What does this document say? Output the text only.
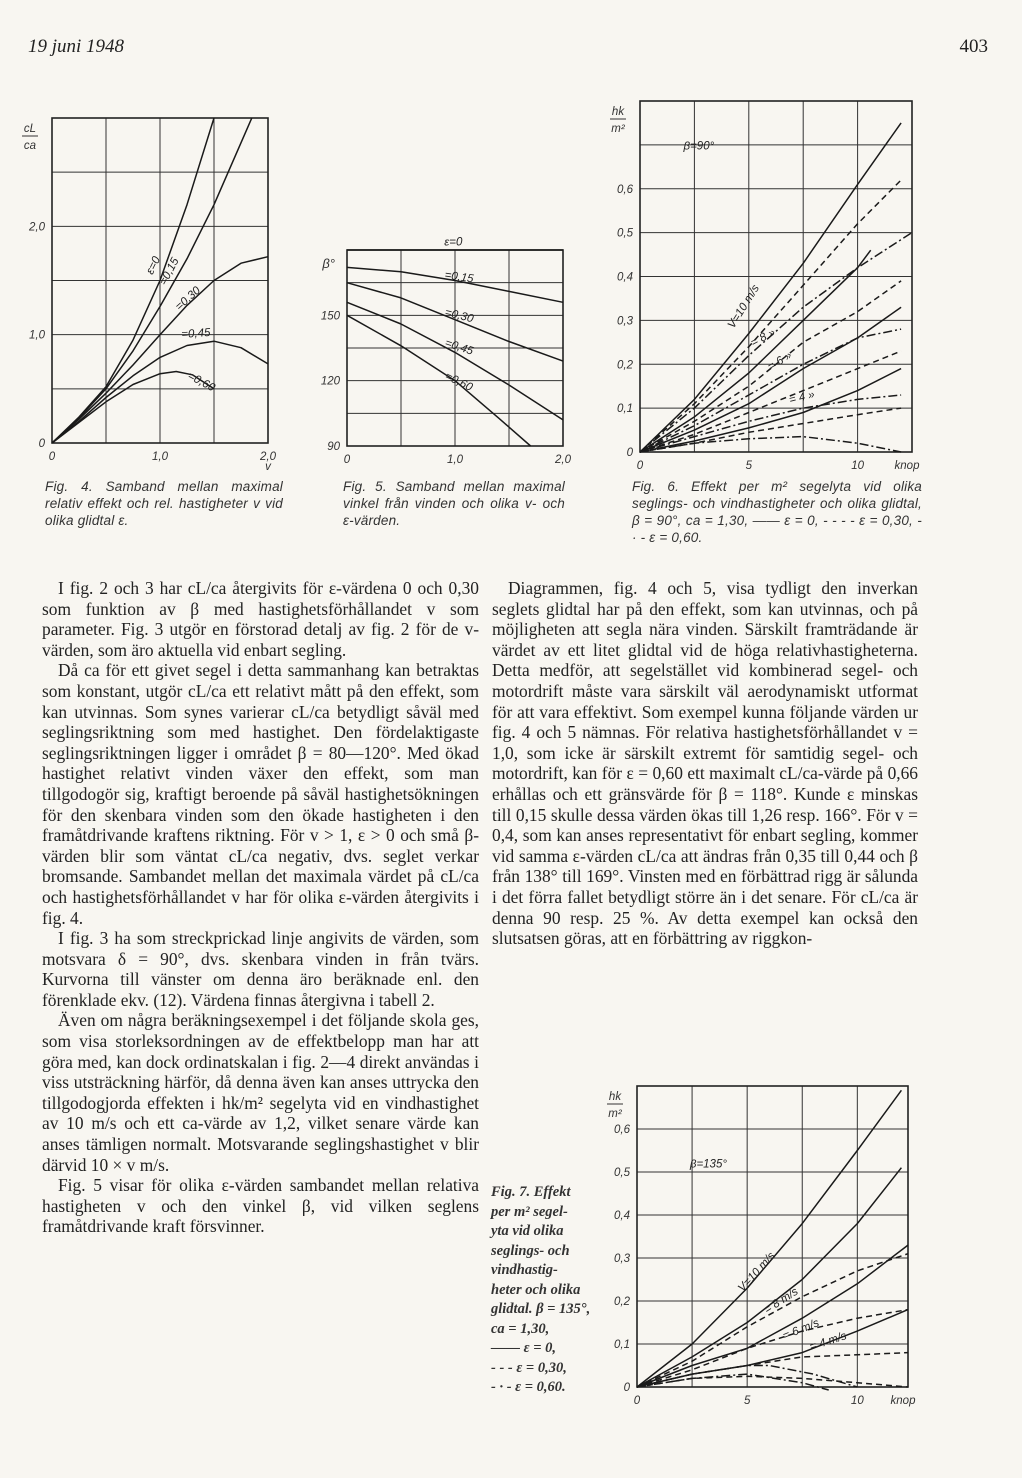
19 juni 1948	403
0	1,0	2,0
0
1,0
2,0
cL
ca
v
ε=0
=0,15
=0,30
=0,45
=0,60
0	1,0	2,0
90
120
150
β°
ε=0
=0,15
=0,30
=0,45
=0,60
0	5	10
0
0,1
0,2
0,3
0,4
0,5
0,6
hk
m²
knop
β=90°
V=10 m/s
= 8 »
= 6 »
= 4 »
0	5	10
0
0,1
0,2
0,3
0,4
0,5
0,6
hk
m²
knop
β=135°
V=10 m/s
= 8 m/s
= 6 m/s
= 4 m/s
Fig. 4. Samband mellan maximal relativ effekt och rel. hastigheter v vid olika glidtal ε.
Fig. 5. Samband mellan maximal vinkel från vinden och olika v- och ε-värden.
Fig. 6. Effekt per m² segelyta vid olika seglings- och vindhastigheter och olika glidtal, β = 90°, ca = 1,30, —— ε = 0, - - - - ε = 0,30, - · - ε = 0,60.
Fig. 7. Effekt
per m² segel-
yta vid olika
seglings- och
vindhastig-
heter och olika
glidtal. β = 135°,
ca = 1,30,
—— ε = 0,
- - - ε = 0,30,
- · - ε = 0,60.

I fig. 2 och 3 har cL/ca återgivits för ε-värdena 0 och 0,30 som funktion av β med hastighetsförhållandet v som parameter. Fig. 3 utgör en förstorad detalj av fig. 2 för de v-värden, som äro aktuella vid enbart segling.

Då ca för ett givet segel i detta sammanhang kan betraktas som konstant, utgör cL/ca ett relativt mått på den effekt, som kan utvinnas. Som synes varierar cL/ca betydligt såväl med seglingsriktning som med hastighet. Den fördelaktigaste seglingsriktningen ligger i området β = 80—120°. Med ökad hastighet relativt vinden växer den effekt, som man tillgodogör sig, kraftigt beroende på såväl hastighetsökningen för den skenbara vinden som den ökade hastigheten i den framåtdrivande kraftens riktning. För v > 1, ε > 0 och små β-värden blir som väntat cL/ca negativ, dvs. seglet verkar bromsande. Sambandet mellan det maximala värdet på cL/ca och hastighetsförhållandet v har för olika ε-värden återgivits i fig. 4.

I fig. 3 ha som streckprickad linje angivits de värden, som motsvara δ = 90°, dvs. skenbara vinden in från tvärs. Kurvorna till vänster om denna äro beräknade enl. den förenklade ekv. (12). Värdena finnas återgivna i tabell 2.

Även om några beräkningsexempel i det följande skola ges, som visa storleksordningen av de effektbelopp man har att göra med, kan dock ordinatskalan i fig. 2—4 direkt användas i viss utsträckning härför, då denna även kan anses uttrycka den tillgodogjorda effekten i hk/m² segelyta vid en vindhastighet av 10 m/s och ett ca-värde av 1,2, vilket senare värde kan anses tämligen normalt. Motsvarande seglingshastighet v blir därvid 10 × v m/s.

Fig. 5 visar för olika ε-värden sambandet mellan relativa hastigheten v och den vinkel β, vid vilken seglens framåtdrivande kraft försvinner.

Diagrammen, fig. 4 och 5, visa tydligt den inverkan seglets glidtal har på den effekt, som kan utvinnas, och på möjligheten att segla nära vinden. Särskilt framträdande är värdet av ett litet glidtal vid de höga relativhastigheterna. Detta medför, att segelstället vid kombinerad segel- och motordrift måste vara särskilt väl aerodynamiskt utformat för att vara effektivt. Som exempel kunna följande värden ur fig. 4 och 5 nämnas. För relativa hastighetsförhållandet v = 1,0, som icke är särskilt extremt för samtidig segel- och motordrift, kan för ε = 0,60 ett maximalt cL/ca-värde på 0,66 erhållas och ett gränsvärde för β = 118°. Kunde ε minskas till 0,15 skulle dessa värden ökas till 1,26 resp. 166°. För v = 0,4, som kan anses representativt för enbart segling, kommer vid samma ε-värden cL/ca att ändras från 0,35 till 0,44 och β från 138° till 169°. Vinsten med en förbättrad rigg är sålunda i det förra fallet betydligt större än i det senare. För cL/ca är denna 90 resp. 25 %. Av detta exempel kan också den slutsatsen göras, att en förbättring av riggkon-
